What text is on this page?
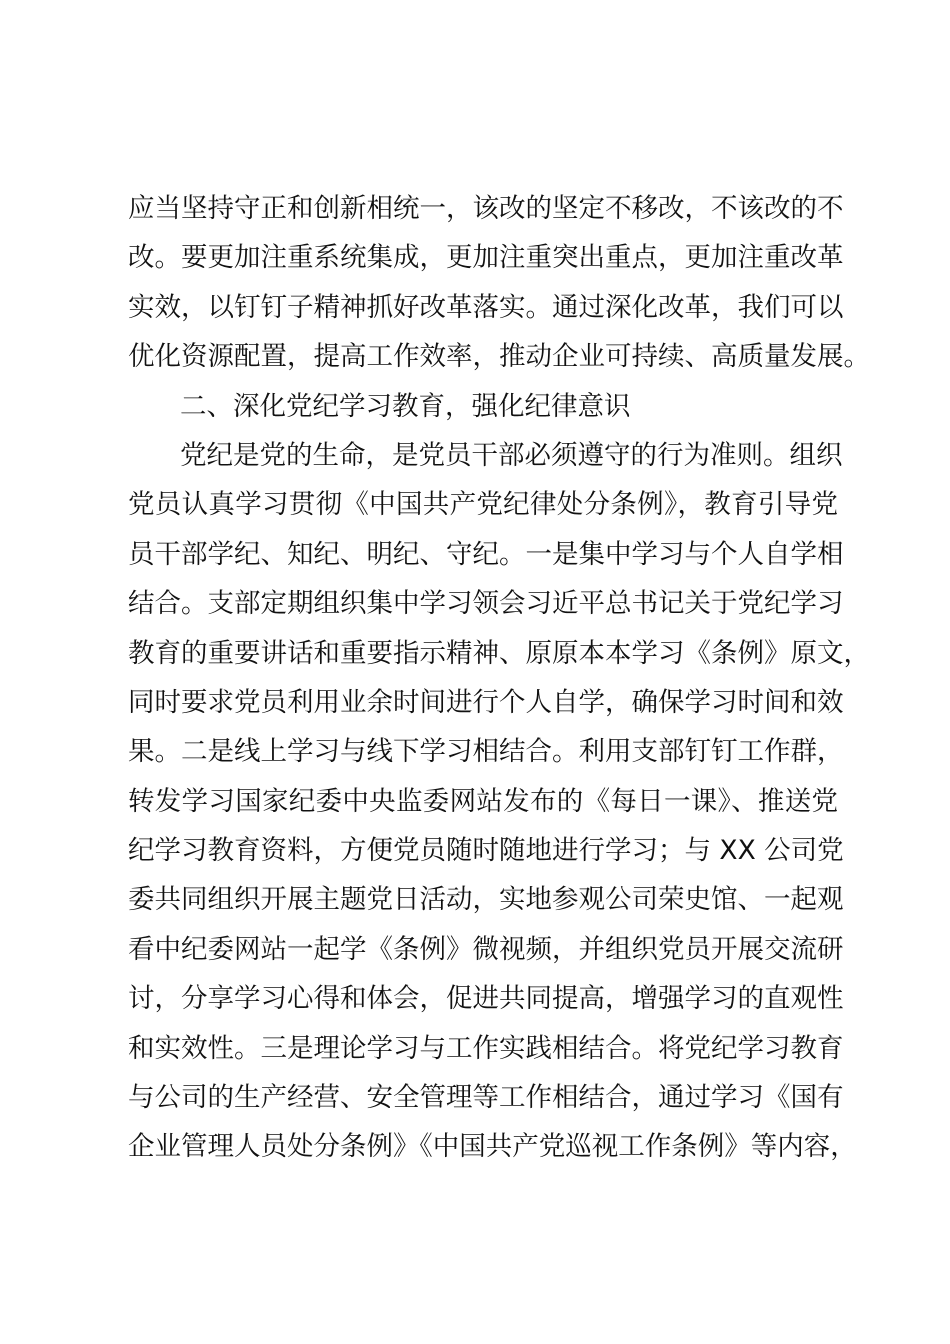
应当坚持守正和创新相统一，该改的坚定不移改，不该改的不
改。要更加注重系统集成，更加注重突出重点，更加注重改革
实效，以钉钉子精神抓好改革落实。通过深化改革，我们可以
优化资源配置，提高工作效率，推动企业可持续、高质量发展。
二、深化党纪学习教育，强化纪律意识
党纪是党的生命，是党员干部必须遵守的行为准则。组织
党员认真学习贯彻《中国共产党纪律处分条例》，教育引导党
员干部学纪、知纪、明纪、守纪。一是集中学习与个人自学相
结合。支部定期组织集中学习领会习近平总书记关于党纪学习
教育的重要讲话和重要指示精神、原原本本学习《条例》原文，
同时要求党员利用业余时间进行个人自学，确保学习时间和效
果。二是线上学习与线下学习相结合。利用支部钉钉工作群，
转发学习国家纪委中央监委网站发布的《每日一课》、推送党
纪学习教育资料，方便党员随时随地进行学习；与 XX 公司党
委共同组织开展主题党日活动，实地参观公司荣史馆、一起观
看中纪委网站一起学《条例》微视频，并组织党员开展交流研
讨，分享学习心得和体会，促进共同提高，增强学习的直观性
和实效性。三是理论学习与工作实践相结合。将党纪学习教育
与公司的生产经营、安全管理等工作相结合，通过学习《国有
企业管理人员处分条例》《中国共产党巡视工作条例》等内容，
